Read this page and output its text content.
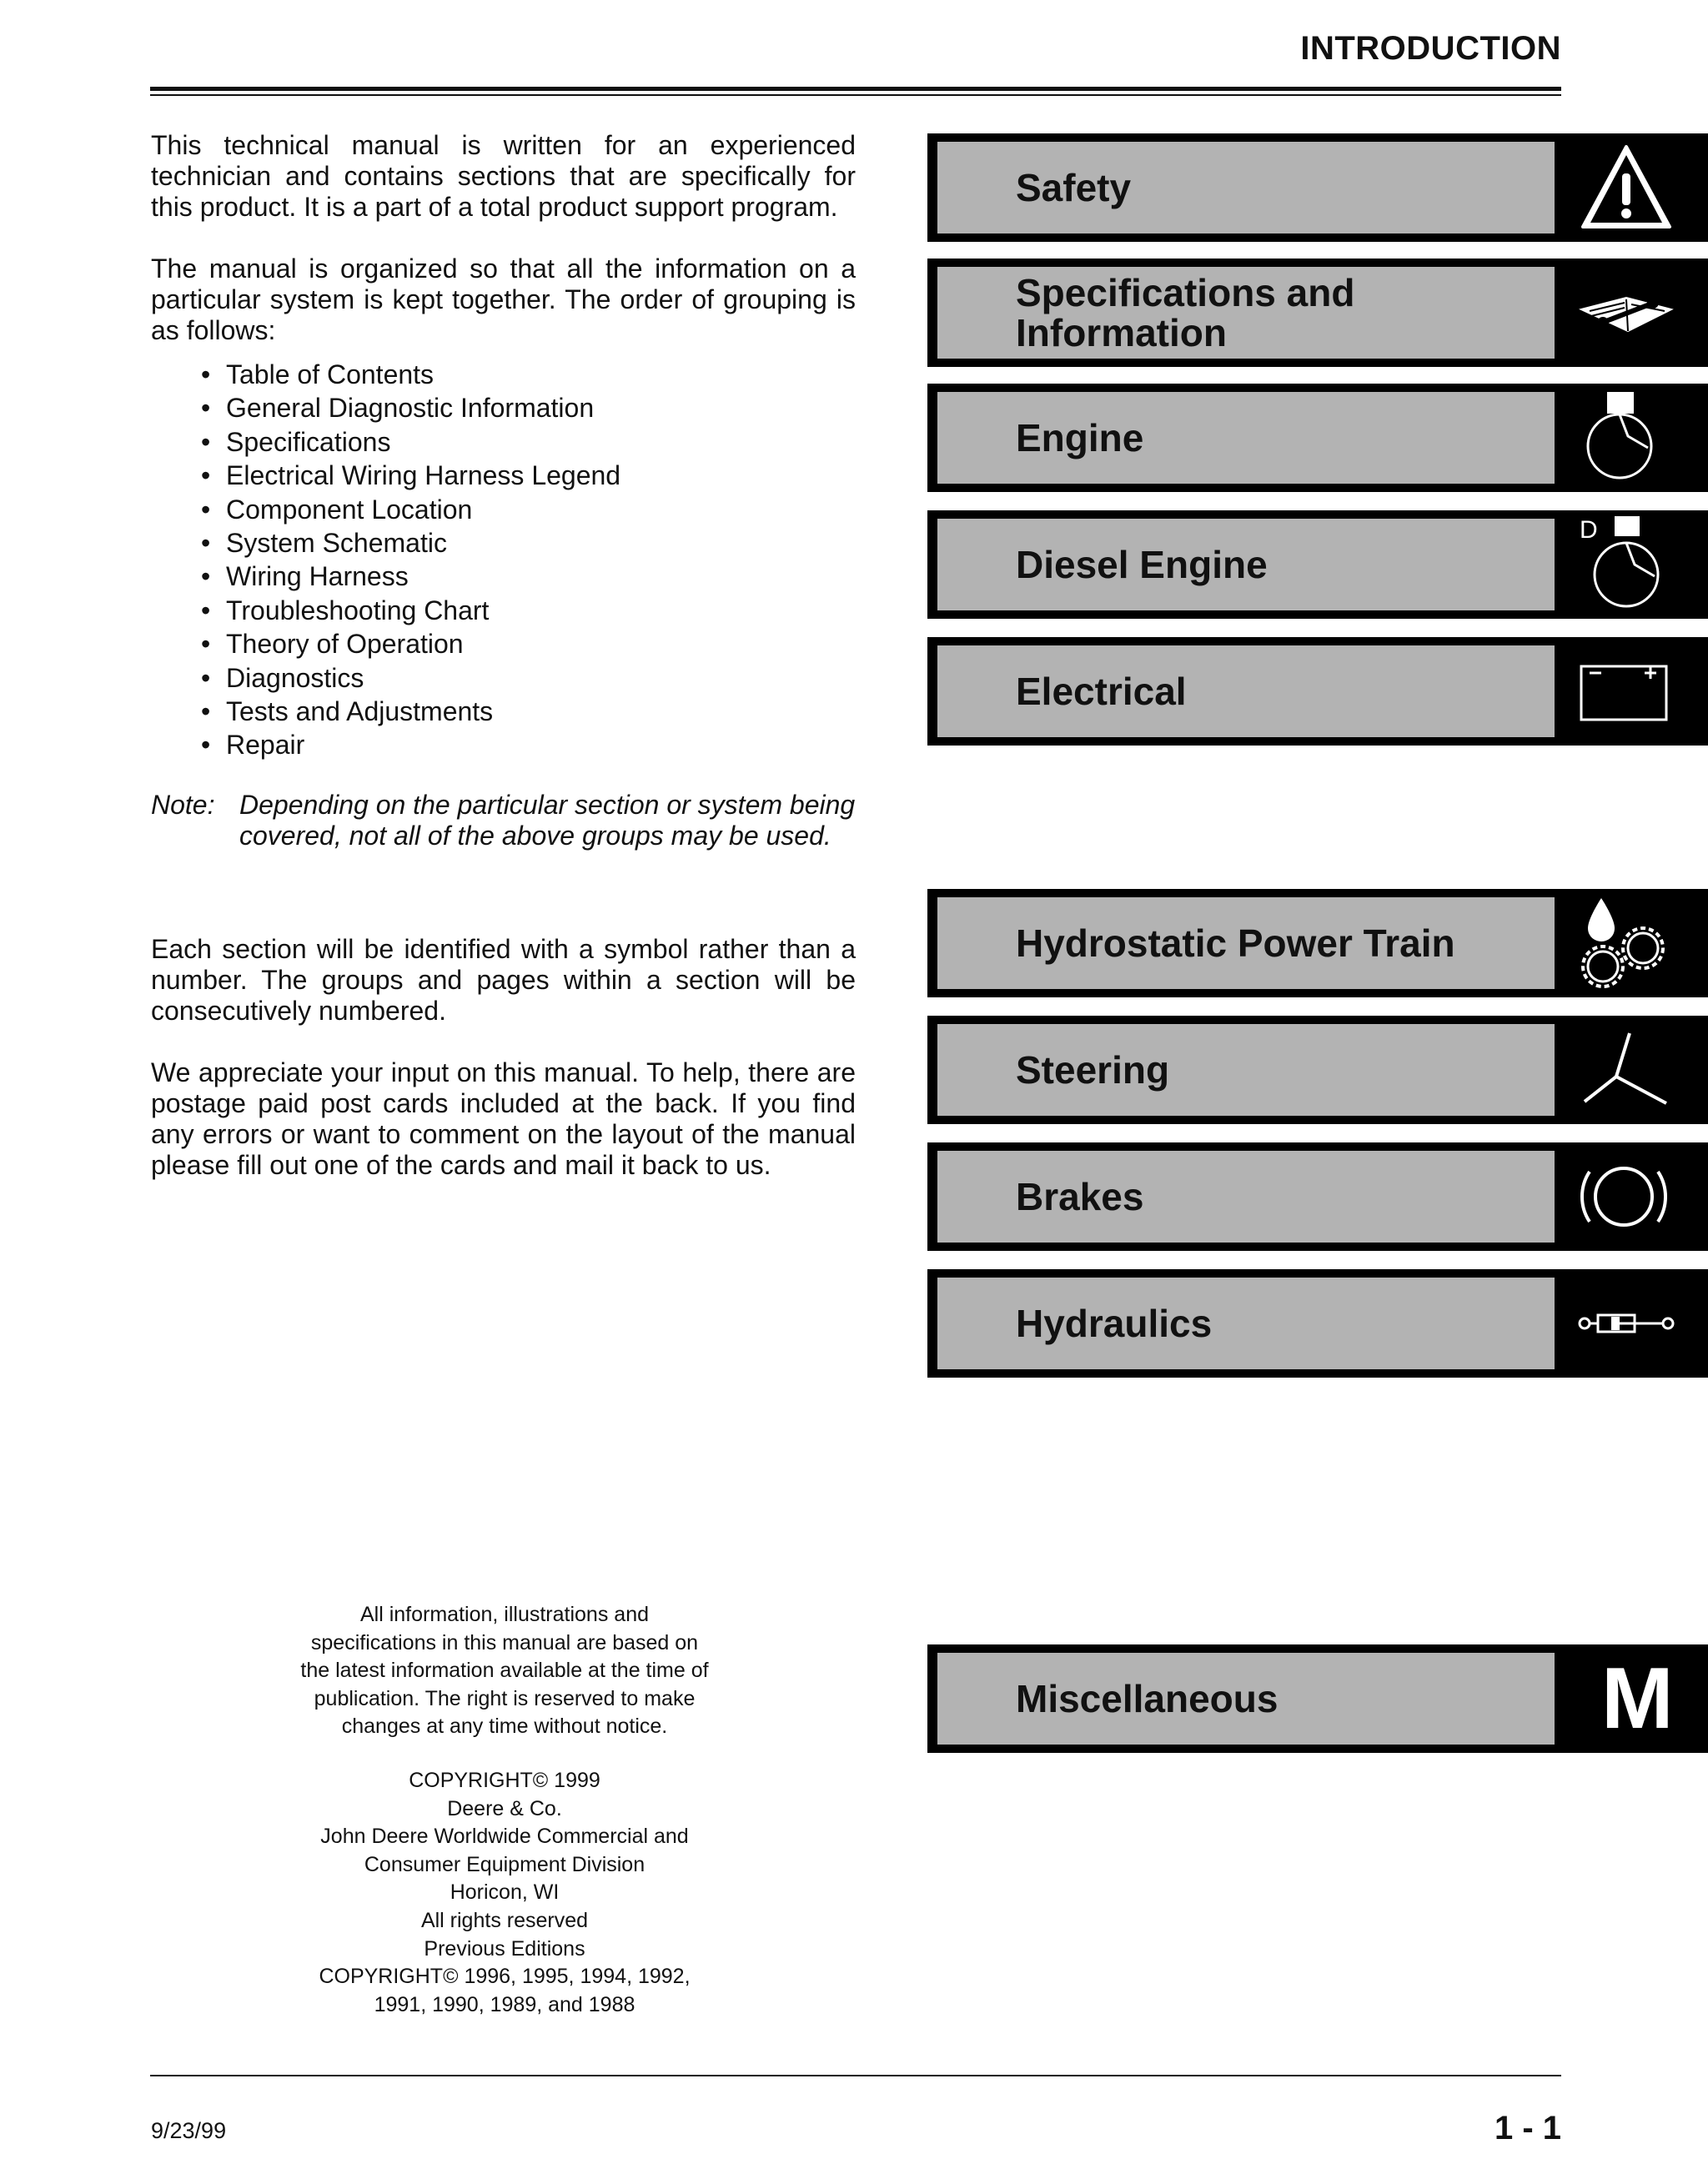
INTRODUCTION

This technical manual is written for an experienced technician and contains sections that are specifically for this product. It is a part of a total product support program.

The manual is organized so that all the information on a particular system is kept together. The order of grouping is as follows:

• Table of Contents
• General Diagnostic Information
• Specifications
• Electrical Wiring Harness Legend
• Component Location
• System Schematic
• Wiring Harness
• Troubleshooting Chart
• Theory of Operation
• Diagnostics
• Tests and Adjustments
• Repair
Note: Depending on the particular section or system being covered, not all of the above groups may be used.

Each section will be identified with a symbol rather than a number. The groups and pages within a section will be consecutively numbered.

We appreciate your input on this manual. To help, there are postage paid post cards included at the back. If you find any errors or want to comment on the layout of the manual please fill out one of the cards and mail it back to us.

Safety
Specifications and Information
Engine
Diesel Engine
D
Electrical
Hydrostatic Power Train
Steering
Brakes
Hydraulics
Miscellaneous	M

All information, illustrations and

specifications in this manual are based on

the latest information available at the time of

publication. The right is reserved to make

changes at any time without notice.

COPYRIGHT© 1999

Deere & Co.

John Deere Worldwide Commercial and

Consumer Equipment Division

Horicon, WI

All rights reserved

Previous Editions

COPYRIGHT© 1996, 1995, 1994, 1992,

1991, 1990, 1989, and 1988

9/23/99	1 - 1
